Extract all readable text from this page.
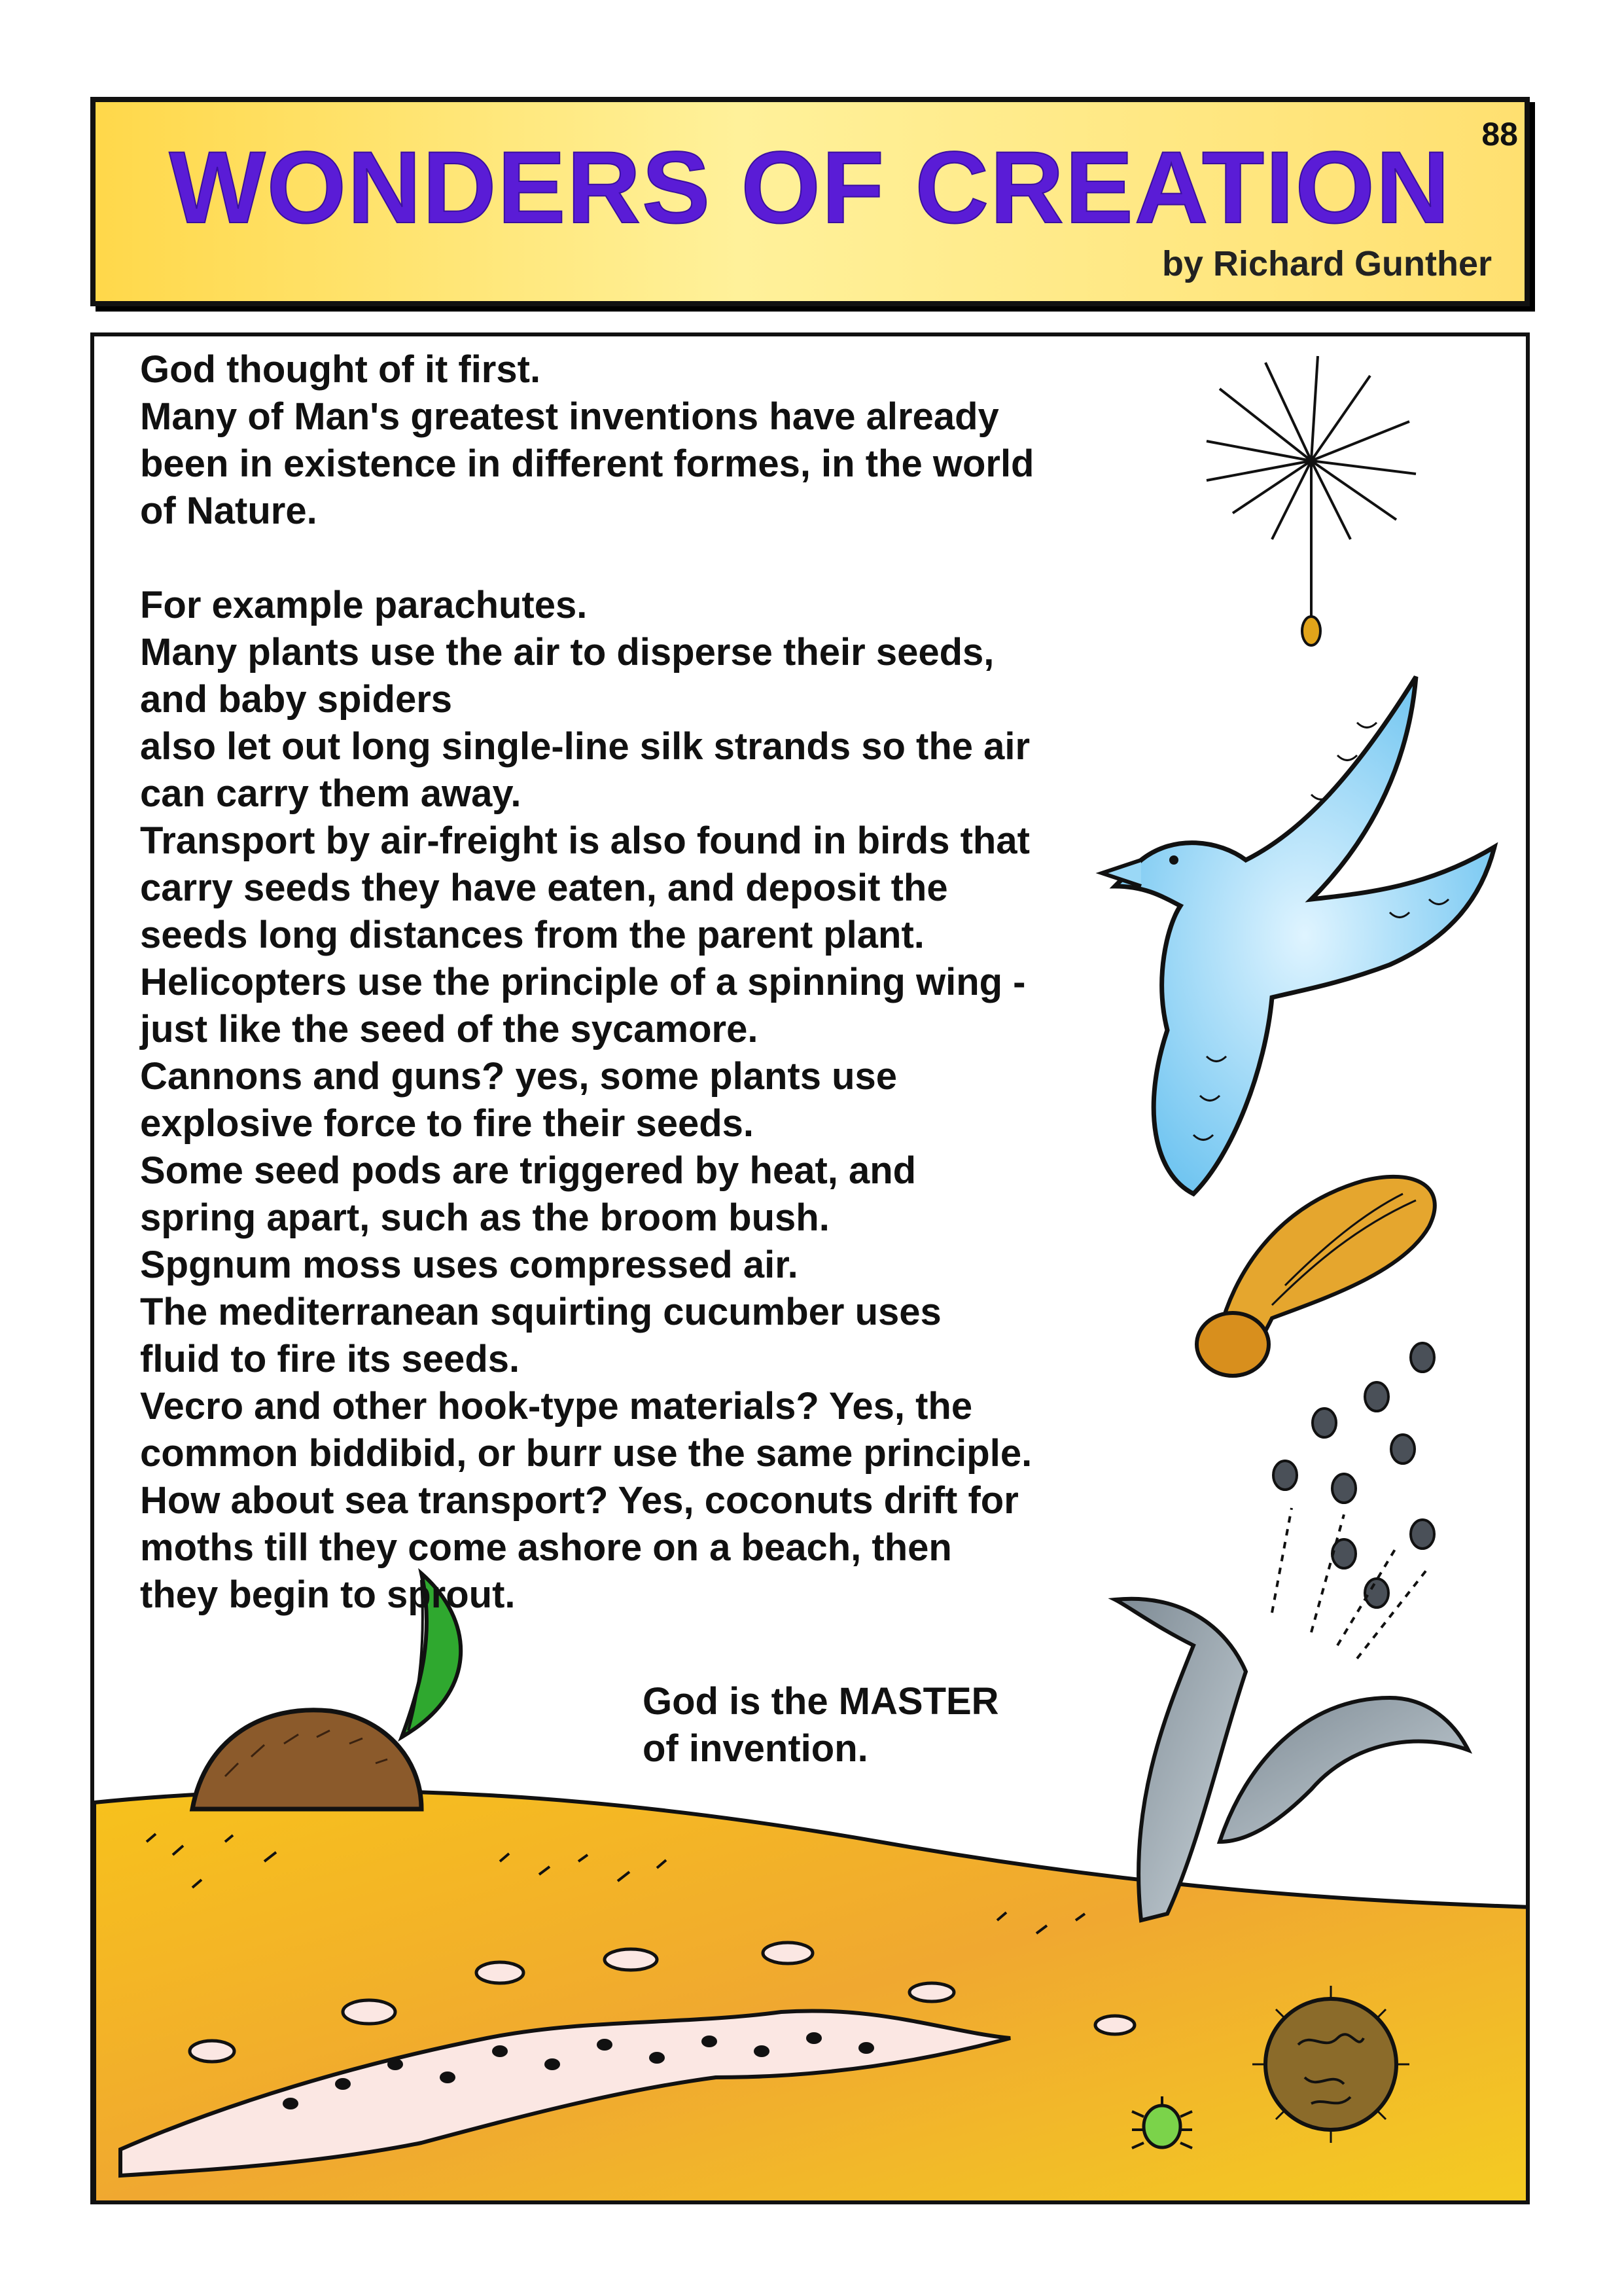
WONDERS OF CREATION 88
by Richard Gunther

God thought of it first.

Many of Man's greatest inventions have already

been in existence in different formes, in the world

of Nature.

For example parachutes.

Many plants use the air to disperse their seeds,

and baby spiders

also let out long single-line silk strands so the air

can carry them away.

Transport by air-freight is also found in birds that

carry seeds they have eaten, and deposit the

seeds long distances from the parent plant.

Helicopters use the principle of a spinning wing -

just like the seed of the sycamore.

Cannons and guns? yes, some plants use

explosive force to fire their seeds.

Some seed pods are triggered by heat, and

spring apart, such as the broom bush.

Spgnum moss uses compressed air.

The mediterranean squirting cucumber uses

fluid to fire its seeds.

Vecro and other hook-type materials? Yes, the

common biddibid, or burr use the same principle.

How about sea transport? Yes, coconuts drift for

moths till they come ashore on a beach, then

they begin to sprout.

God is the MASTER
of invention.
